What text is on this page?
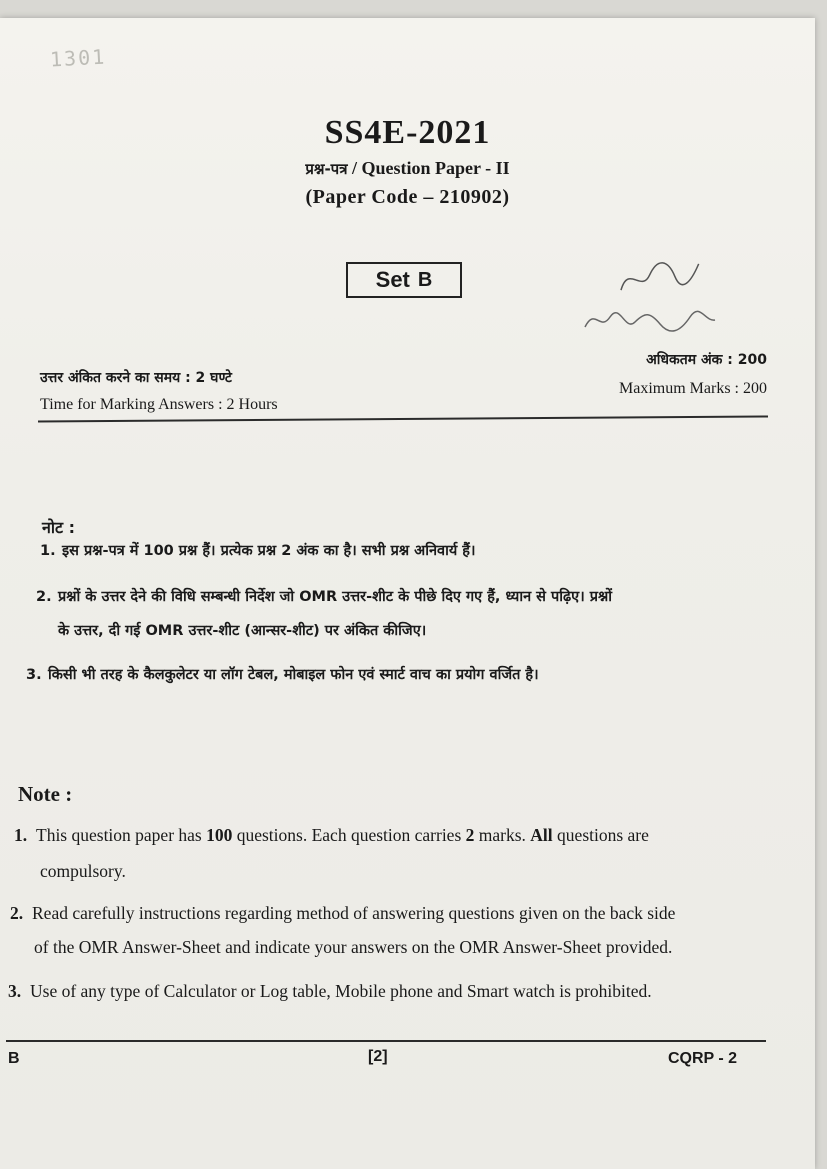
1301
SS4E-2021
प्रश्न-पत्र / Question Paper - II
(Paper Code – 210902)
Set B
उत्तर अंकित करने का समय : 2 घण्टे
Time for Marking Answers : 2 Hours
अधिकतम अंक : 200
Maximum Marks : 200
नोट :
1. इस प्रश्न-पत्र में 100 प्रश्न हैं। प्रत्येक प्रश्न 2 अंक का है। सभी प्रश्न अनिवार्य हैं।
2. प्रश्नों के उत्तर देने की विधि सम्बन्धी निर्देश जो OMR उत्तर-शीट के पीछे दिए गए हैं, ध्यान से पढ़िए। प्रश्नों
के उत्तर, दी गई OMR उत्तर-शीट (आन्सर-शीट) पर अंकित कीजिए।
3. किसी भी तरह के कैलकुलेटर या लॉग टेबल, मोबाइल फोन एवं स्मार्ट वाच का प्रयोग वर्जित है।
Note :
1. This question paper has 100 questions. Each question carries 2 marks. All questions are
compulsory.
2. Read carefully instructions regarding method of answering questions given on the back side
of the OMR Answer-Sheet and indicate your answers on the OMR Answer-Sheet provided.
3. Use of any type of Calculator or Log table, Mobile phone and Smart watch is prohibited.
B	[2]	CQRP - 2
